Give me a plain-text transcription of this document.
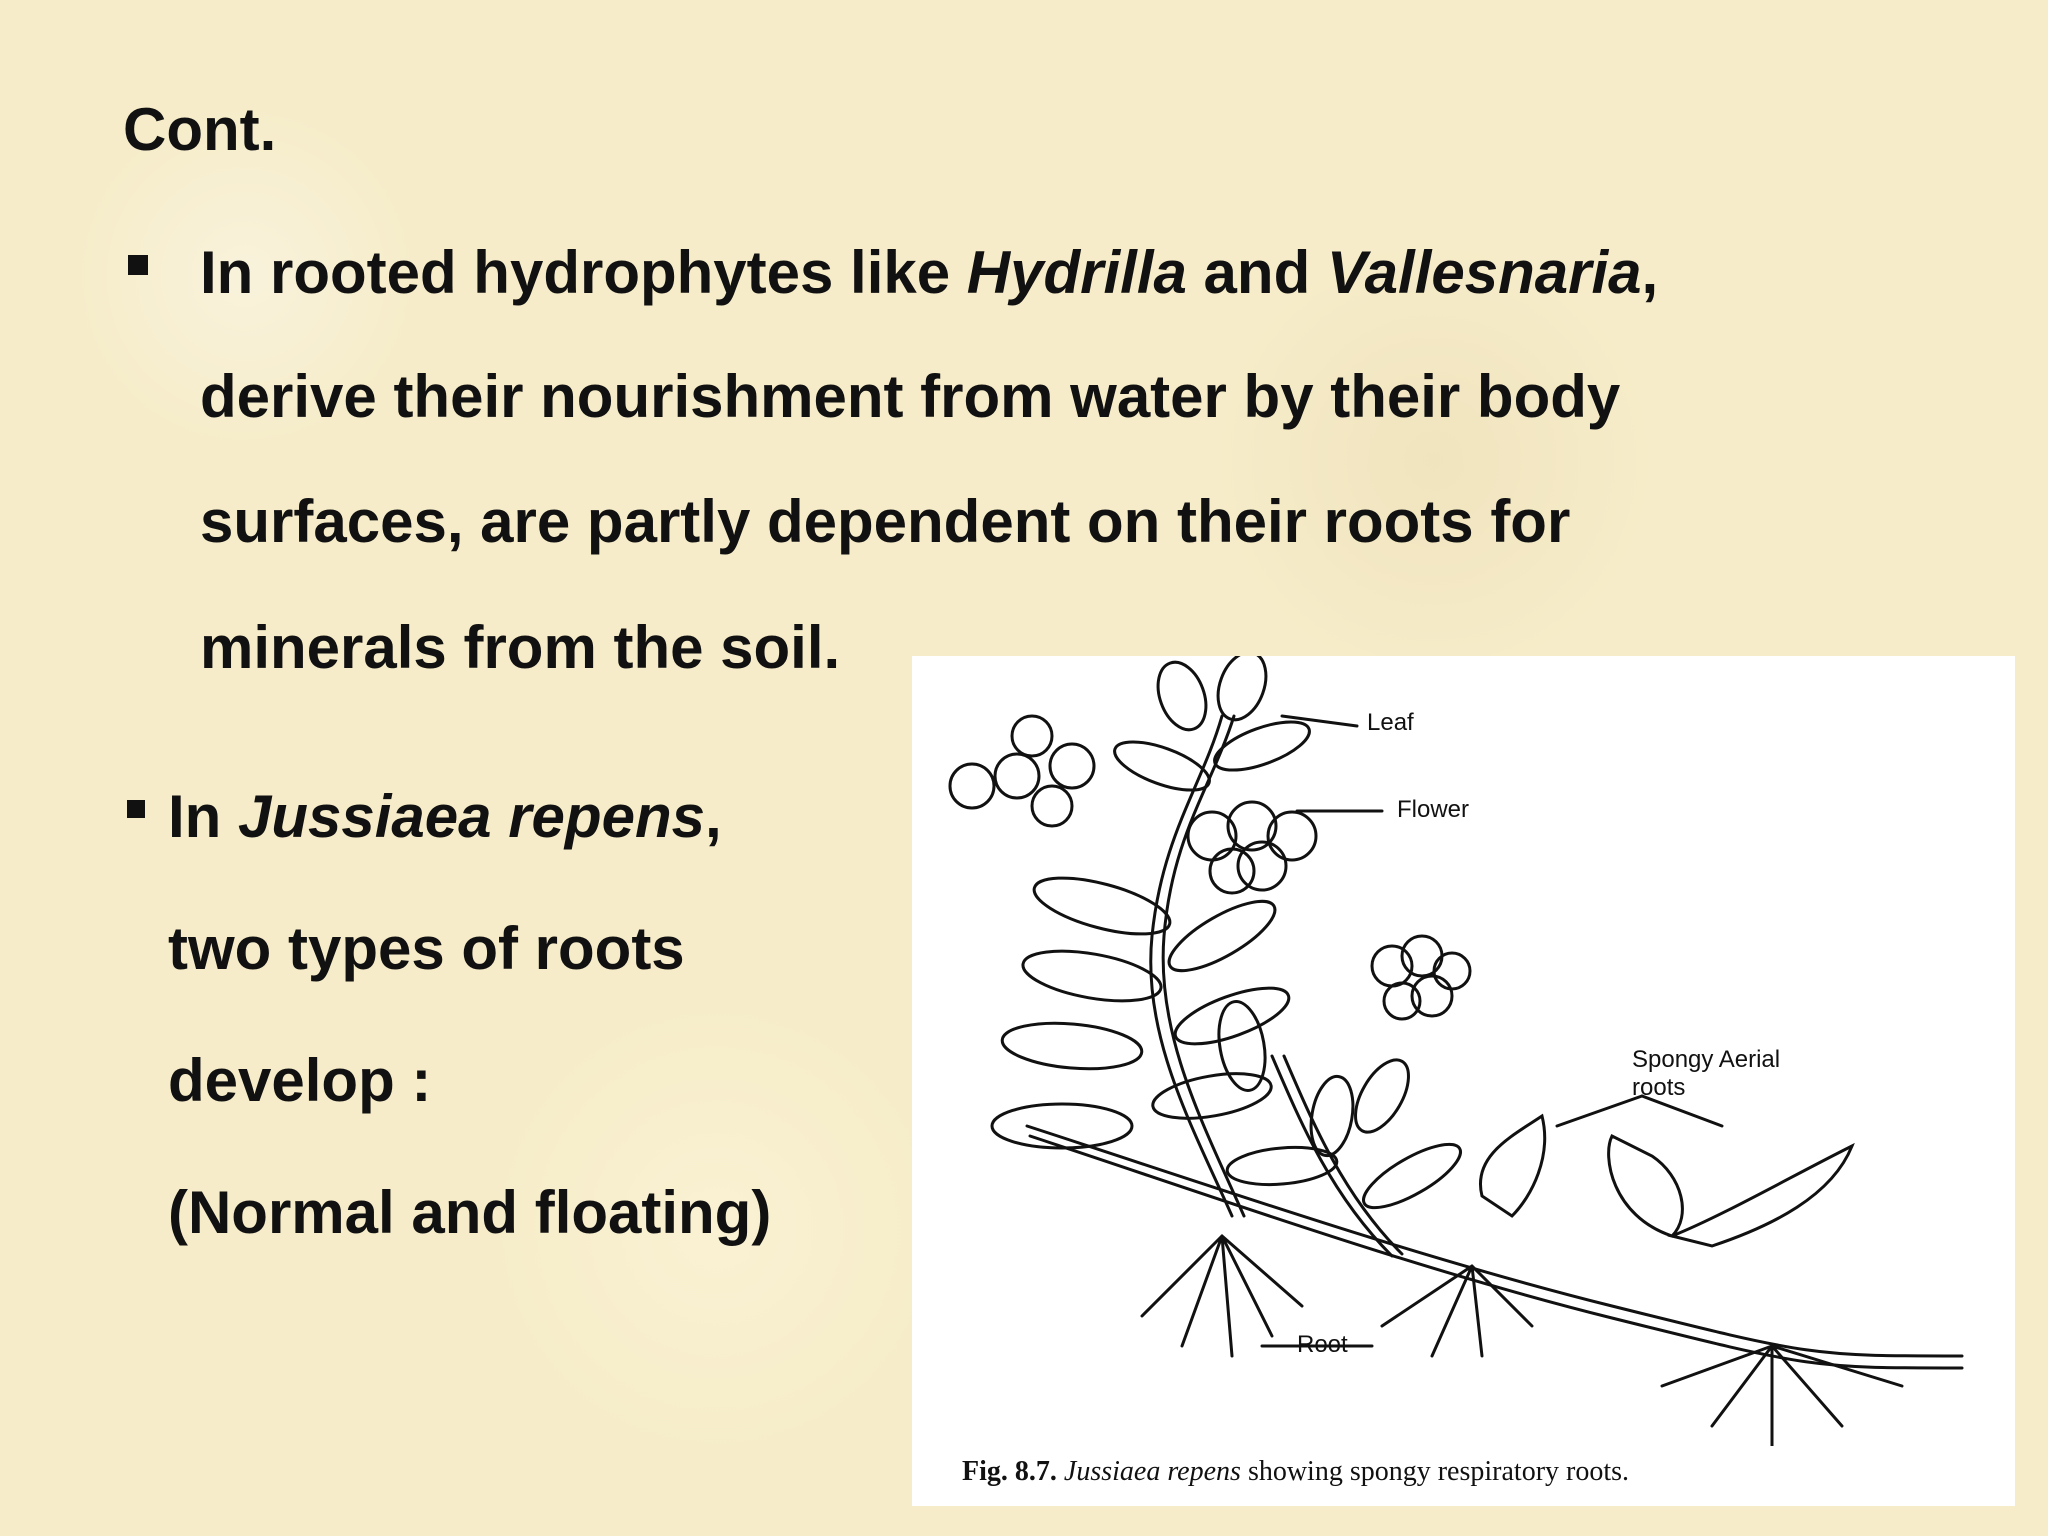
Cont.
In rooted hydrophytes like Hydrilla and Vallesnaria,
derive their nourishment from water by their body
surfaces, are partly dependent on their roots for
minerals from the soil.
In Jussiaea repens,
two types of roots
develop :
(Normal and floating)
Leaf
Flower
Spongy Aerial
roots
Root
Fig. 8.7. Jussiaea repens showing spongy respiratory roots.
